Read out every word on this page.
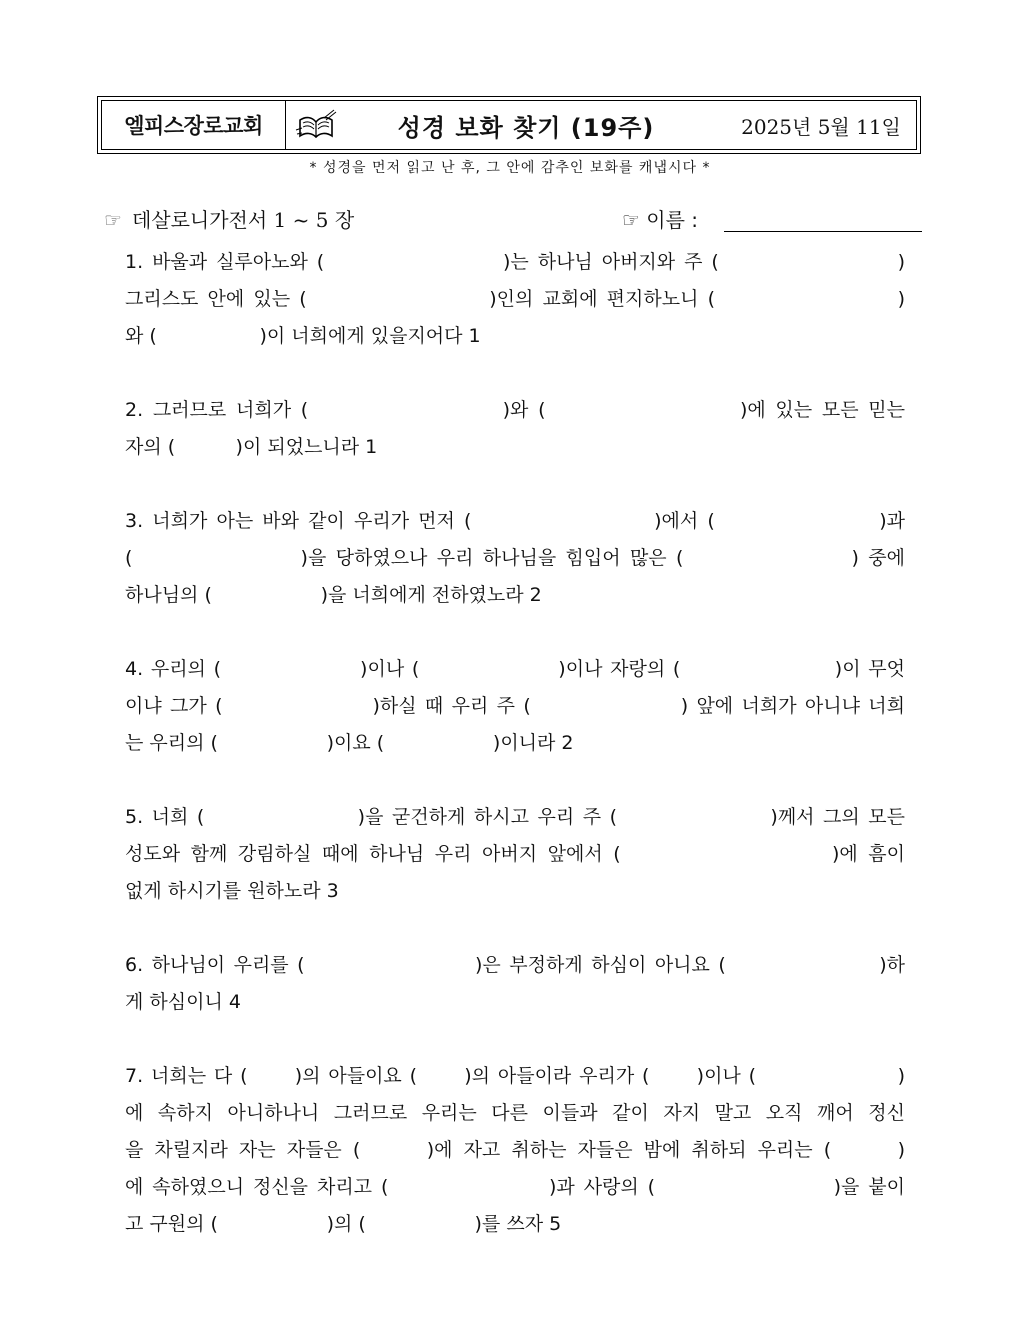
엘피스장로교회	성경 보화 찾기 (19주)	2025년 5월 11일
* 성경을 먼저 읽고 난 후, 그 안에 감추인 보화를 캐냅시다 *
☞ 데살로니가전서 1 ~ 5 장	☞ 이름 :
1. 바울과 실루아노와 (                    )는 하나님 아버지와 주 (                    )
그리스도 안에 있는 (                    )인의 교회에 편지하노니 (                    )
와 (                 )이 너희에게 있을지어다 1
2. 그러므로 너희가 (                    )와 (                    )에 있는 모든 믿는
자의 (          )이 되었느니라 1
3. 너희가 아는 바와 같이 우리가 먼저 (                    )에서 (                  )과
(                  )을 당하였으나 우리 하나님을 힘입어 많은 (                  ) 중에
하나님의 (                  )을 너희에게 전하였노라 2
4. 우리의 (                  )이나 (                  )이나 자랑의 (                    )이 무엇
이냐 그가 (                  )하실 때 우리 주 (                  ) 앞에 너희가 아니냐 너희
는 우리의 (                  )이요 (                  )이니라 2
5. 너희 (                  )을 굳건하게 하시고 우리 주 (                  )께서 그의 모든
성도와 함께 강림하실 때에 하나님 우리 아버지 앞에서 (                    )에 흠이
없게 하시기를 원하노라 3
6. 하나님이 우리를 (                    )은 부정하게 하심이 아니요 (                  )하
게 하심이니 4
7. 너희는 다 (      )의 아들이요 (      )의 아들이라 우리가 (      )이나 (                  )
에 속하지 아니하나니 그러므로 우리는 다른 이들과 같이 자지 말고 오직 깨어 정신
을 차릴지라 자는 자들은 (      )에 자고 취하는 자들은 밤에 취하되 우리는 (      )
에 속하였으니 정신을 차리고 (                  )과 사랑의 (                    )을 붙이
고 구원의 (                  )의 (                  )를 쓰자 5
